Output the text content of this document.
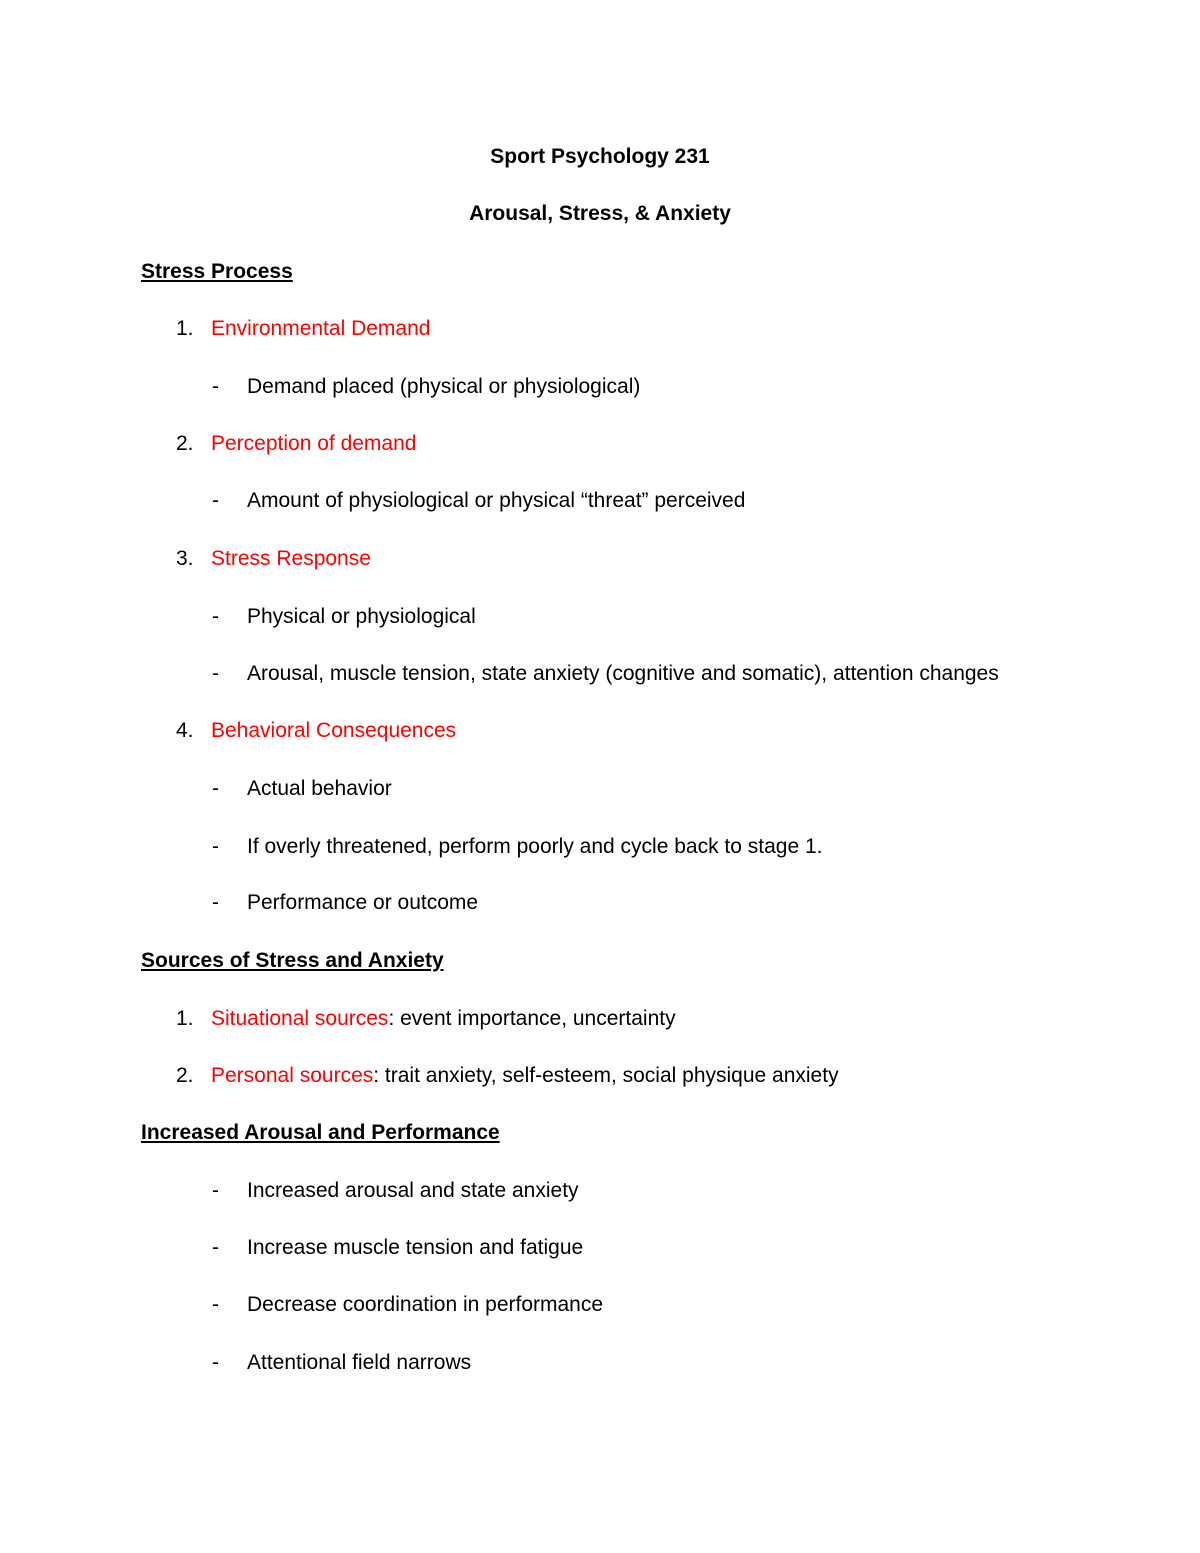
Sport Psychology 231
Arousal, Stress, & Anxiety
Stress Process
1. Environmental Demand
- Demand placed (physical or physiological)
2. Perception of demand
- Amount of physiological or physical “threat” perceived
3. Stress Response
- Physical or physiological
- Arousal, muscle tension, state anxiety (cognitive and somatic), attention changes
4. Behavioral Consequences
- Actual behavior
- If overly threatened, perform poorly and cycle back to stage 1.
- Performance or outcome
Sources of Stress and Anxiety
1. Situational sources: event importance, uncertainty
2. Personal sources: trait anxiety, self-esteem, social physique anxiety
Increased Arousal and Performance
- Increased arousal and state anxiety
- Increase muscle tension and fatigue
- Decrease coordination in performance
- Attentional field narrows
